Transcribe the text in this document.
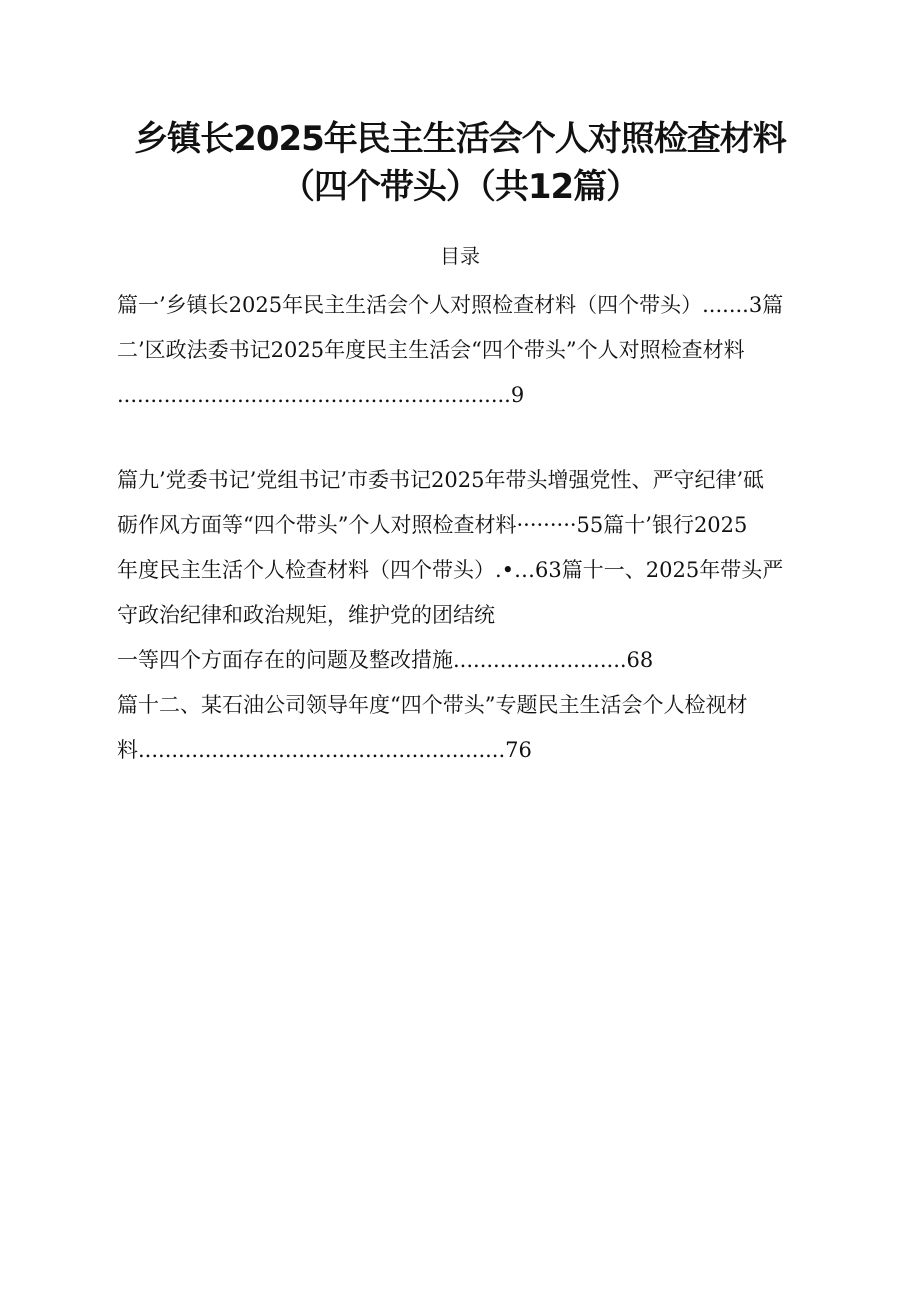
乡镇长2025年民主生活会个人对照检查材料
（四个带头）（共12篇）
目录
篇一’乡镇长2025年民主生活会个人对照检查材料（四个带头）.......3篇
二’区政法委书记2025年度民主生活会“四个带头”个人对照检查材料
...........................................................9
篇九’党委书记’党组书记’市委书记2025年带头增强党性、严守纪律’砥
砺作风方面等“四个带头”个人对照检查材料·········55篇十’银行2025
年度民主生活个人检查材料（四个带头）.•…63篇十一、2025年带头严
守政治纪律和政治规矩，维护党的团结统
一等四个方面存在的问题及整改措施..........................68
篇十二、某石油公司领导年度“四个带头”专题民主生活会个人检视材
料.......................................................76
